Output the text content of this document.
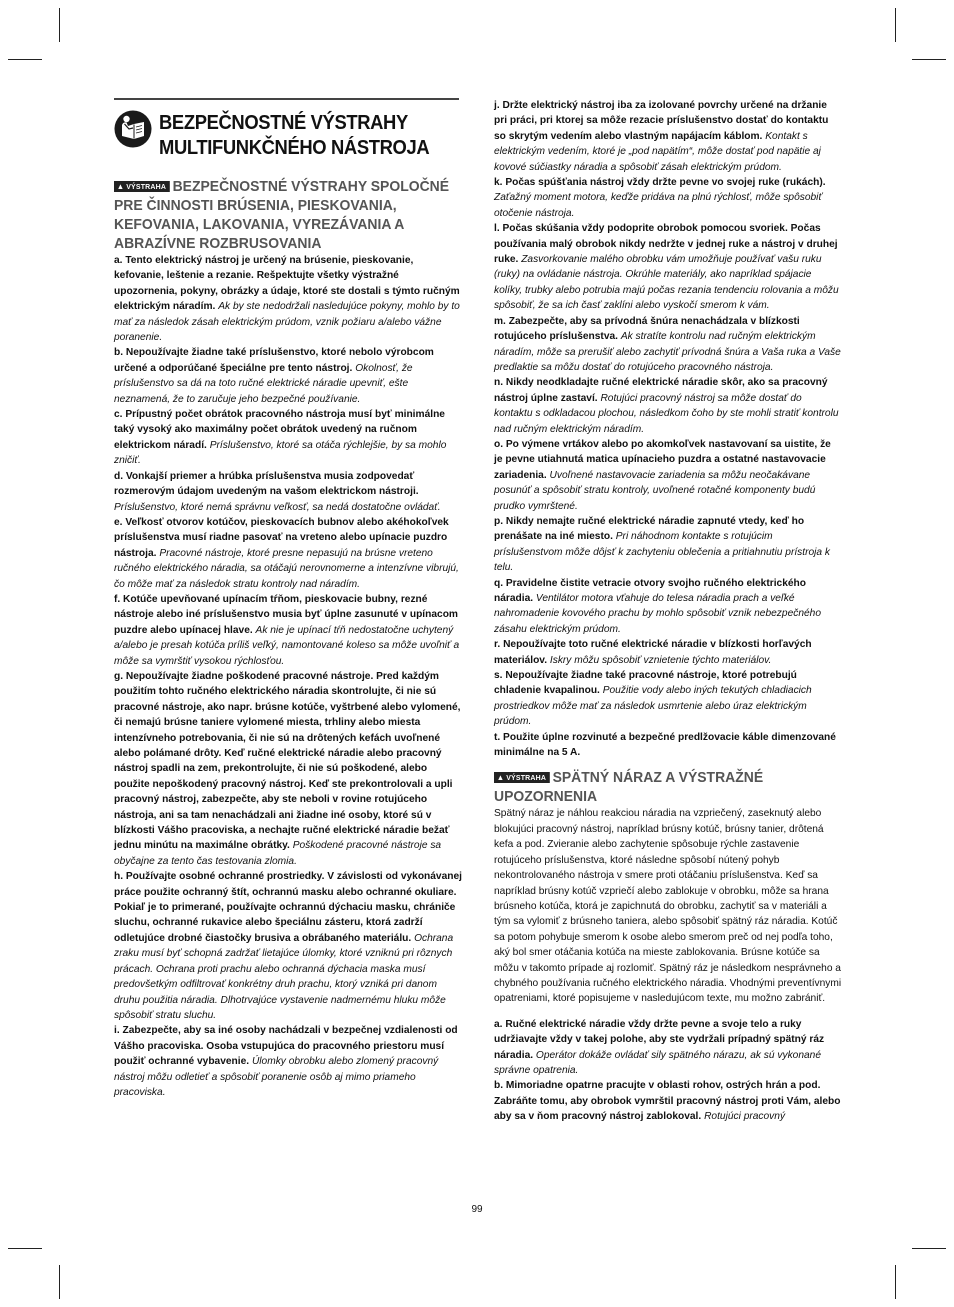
BEZPEČNOSTNÉ VÝSTRAHY MULTIFUNKČNÉHO NÁSTROJA
▲ VÝSTRAHA BEZPEČNOSTNÉ VÝSTRAHY SPOLOČNÉ PRE ČINNOSTI BRÚSENIA, PIESKOVANIA, KEFOVANIA, LAKOVANIA, VYREZÁVANIA A ABRAZÍVNE ROZBRUSOVANIA

a. Tento elektrický nástroj je určený na brúsenie, pieskovanie, kefovanie, leštenie a rezanie. Rešpektujte všetky výstražné upozornenia, pokyny, obrázky a údaje, ktoré ste dostali s týmto ručným elektrickým náradím. Ak by ste nedodržali nasledujúce pokyny, mohlo by to mať za následok zásah elektrickým prúdom, vznik požiaru a/alebo vážne poranenie.

b. Nepoužívajte žiadne také príslušenstvo, ktoré nebolo výrobcom určené a odporúčané špeciálne pre tento nástroj. Okolnosť, že príslušenstvo sa dá na toto ručné elektrické náradie upevniť, ešte neznamená, že to zaručuje jeho bezpečné používanie.

c. Prípustný počet obrátok pracovného nástroja musí byť minimálne taký vysoký ako maximálny počet obrátok uvedený na ručnom elektrickom náradí. Príslušenstvo, ktoré sa otáča rýchlejšie, by sa mohlo zničiť.

d. Vonkajší priemer a hrúbka príslušenstva musia zodpovedať rozmerovým údajom uvedeným na vašom elektrickom nástroji. Príslušenstvo, ktoré nemá správnu veľkosť, sa nedá dostatočne ovládať.

e. Veľkosť otvorov kotúčov, pieskovacích bubnov alebo akéhokoľvek príslušenstva musí riadne pasovať na vreteno alebo upínacie puzdro nástroja. Pracovné nástroje, ktoré presne nepasujú na brúsne vreteno ručného elektrického náradia, sa otáčajú nerovnomerne a intenzívne vibrujú, čo môže mať za následok stratu kontroly nad náradím.

f. Kotúče upevňované upínacím tŕňom, pieskovacie bubny, rezné nástroje alebo iné príslušenstvo musia byť úplne zasunuté v upínacom puzdre alebo upínacej hlave. Ak nie je upínací tŕň nedostatočne uchytený a/alebo je presah kotúča príliš veľký, namontované koleso sa môže uvoľniť a môže sa vymrštiť vysokou rýchlosťou.

g. Nepoužívajte žiadne poškodené pracovné nástroje. Pred každým použitím tohto ručného elektrického náradia skontrolujte, či nie sú pracovné nástroje, ako napr. brúsne kotúče, vyštrbené alebo vylomené, či nemajú brúsne taniere vylomené miesta, trhliny alebo miesta intenzívneho potrebovania, či nie sú na drôtených kefách uvoľnené alebo polámané drôty. Keď ručné elektrické náradie alebo pracovný nástroj spadli na zem, prekontrolujte, či nie sú poškodené, alebo použite nepoškodený pracovný nástroj. Keď ste prekontrolovali a upli pracovný nástroj, zabezpečte, aby ste neboli v rovine rotujúceho nástroja, ani sa tam nenachádzali ani žiadne iné osoby, ktoré sú v blízkosti Vášho pracoviska, a nechajte ručné elektrické náradie bežať jednu minútu na maximálne obrátky. Poškodené pracovné nástroje sa obyčajne za tento čas testovania zlomia.

h. Používajte osobné ochranné prostriedky. V závislosti od vykonávanej práce použite ochranný štít, ochrannú masku alebo ochranné okuliare. Pokiaľ je to primerané, používajte ochrannú dýchaciu masku, chrániče sluchu, ochranné rukavice alebo špeciálnu zásteru, ktorá zadrží odletujúce drobné čiastočky brusiva a obrábaného materiálu. Ochrana zraku musí byť schopná zadržať lietajúce úlomky, ktoré vzniknú pri rôznych prácach. Ochrana proti prachu alebo ochranná dýchacia maska musí predovšetkým odfiltrovať konkrétny druh prachu, ktorý vzniká pri danom druhu použitia náradia. Dlhotrvajúce vystavenie nadmernému hluku môže spôsobiť stratu sluchu.

i. Zabezpečte, aby sa iné osoby nachádzali v bezpečnej vzdialenosti od Vášho pracoviska. Osoba vstupujúca do pracovného priestoru musí použiť ochranné vybavenie. Úlomky obrobku alebo zlomený pracovný nástroj môžu odletieť a spôsobiť poranenie osôb aj mimo priameho pracoviska.

j. Držte elektrický nástroj iba za izolované povrchy určené na držanie pri práci, pri ktorej sa môže rezacie príslušenstvo dostať do kontaktu so skrytým vedením alebo vlastným napájacím káblom. Kontakt s elektrickým vedením, ktoré je „pod napätím“, môže dostať pod napätie aj kovové súčiastky náradia a spôsobiť zásah elektrickým prúdom.

k. Počas spúšťania nástroj vždy držte pevne vo svojej ruke (rukách). Zaťažný moment motora, keďže pridáva na plnú rýchlosť, môže spôsobiť otočenie nástroja.

l. Počas skúšania vždy podoprite obrobok pomocou svoriek. Počas používania malý obrobok nikdy nedržte v jednej ruke a nástroj v druhej ruke. Zasvorkovanie malého obrobku vám umožňuje používať vašu ruku (ruky) na ovládanie nástroja. Okrúhle materiály, ako napríklad spájacie kolíky, trubky alebo potrubia majú počas rezania tendenciu rolovania a môžu spôsobiť, že sa ich časť zaklíni alebo vyskočí smerom k vám.

m. Zabezpečte, aby sa prívodná šnúra nenachádzala v blízkosti rotujúceho príslušenstva. Ak stratíte kontrolu nad ručným elektrickým náradím, môže sa prerušiť alebo zachytiť prívodná šnúra a Vaša ruka a Vaše predlaktie sa môžu dostať do rotujúceho pracovného nástroja.

n. Nikdy neodkladajte ručné elektrické náradie skôr, ako sa pracovný nástroj úplne zastaví. Rotujúci pracovný nástroj sa môže dostať do kontaktu s odkladacou plochou, následkom čoho by ste mohli stratiť kontrolu nad ručným elektrickým náradím.

o. Po výmene vrtákov alebo po akomkoľvek nastavovaní sa uistite, že je pevne utiahnutá matica upínacieho puzdra a ostatné nastavovacie zariadenia. Uvoľnené nastavovacie zariadenia sa môžu neočakávane posunúť a spôsobiť stratu kontroly, uvoľnené rotačné komponenty budú prudko vymrštené.

p. Nikdy nemajte ručné elektrické náradie zapnuté vtedy, keď ho prenášate na iné miesto. Pri náhodnom kontakte s rotujúcim príslušenstvom môže dôjsť k zachyteniu oblečenia a pritiahnutiu prístroja k telu.

q. Pravidelne čistite vetracie otvory svojho ručného elektrického náradia. Ventilátor motora vťahuje do telesa náradia prach a veľké nahromadenie kovového prachu by mohlo spôsobiť vznik nebezpečného zásahu elektrickým prúdom.

r. Nepoužívajte toto ručné elektrické náradie v blízkosti horľavých materiálov. Iskry môžu spôsobiť vznietenie týchto materiálov.

s. Nepoužívajte žiadne také pracovné nástroje, ktoré potrebujú chladenie kvapalinou. Použitie vody alebo iných tekutých chladiacich prostriedkov môže mať za následok usmrtenie alebo úraz elektrickým prúdom.

t. Použite úplne rozvinuté a bezpečné predlžovacie káble dimenzované minimálne na 5 A.

▲ VÝSTRAHA SPÄTNÝ NÁRAZ A VÝSTRAŽNÉ UPOZORNENIA

Spätný náraz je náhlou reakciou náradia na vzpriečený, zaseknutý alebo blokujúci pracovný nástroj, napríklad brúsny kotúč, brúsny tanier, drôtená kefa a pod. Zvieranie alebo zachytenie spôsobuje rýchle zastavenie rotujúceho príslušenstva, ktoré následne spôsobí nútený pohyb nekontrolovaného nástroja v smere proti otáčaniu príslušenstva. Keď sa napríklad brúsny kotúč vzpriečí alebo zablokuje v obrobku, môže sa hrana brúsneho kotúča, ktorá je zapichnutá do obrobku, zachytiť sa v materiáli a tým sa vylomiť z brúsneho taniera, alebo spôsobiť spätný ráz náradia. Kotúč sa potom pohybuje smerom k osobe alebo smerom preč od nej podľa toho, aký bol smer otáčania kotúča na mieste zablokovania. Brúsne kotúče sa môžu v takomto prípade aj rozlomiť. Spätný ráz je následkom nesprávneho a chybného používania ručného elektrického náradia. Vhodnými preventívnymi opatreniami, ktoré popisujeme v nasledujúcom texte, mu možno zabrániť.

a. Ručné elektrické náradie vždy držte pevne a svoje telo a ruky udržiavajte vždy v takej polohe, aby ste vydržali prípadný spätný ráz náradia. Operátor dokáže ovládať sily spätného nárazu, ak sú vykonané správne opatrenia.

b. Mimoriadne opatrne pracujte v oblasti rohov, ostrých hrán a pod. Zabráňte tomu, aby obrobok vymrštil pracovný nástroj proti Vám, alebo aby sa v ňom pracovný nástroj zablokoval. Rotujúci pracovný

99
